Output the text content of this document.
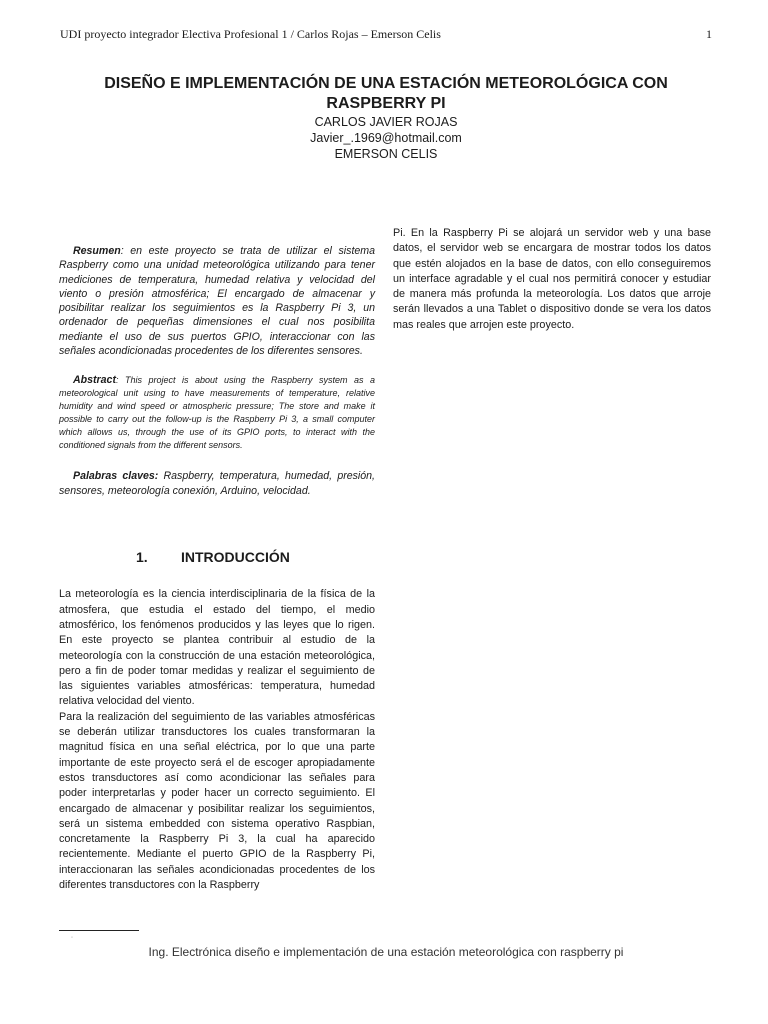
UDI proyecto integrador Electiva Profesional 1 / Carlos Rojas – Emerson Celis	1
DISEÑO E IMPLEMENTACIÓN DE UNA ESTACIÓN METEOROLÓGICA CON RASPBERRY PI

CARLOS JAVIER ROJAS

Javier_.1969@hotmail.com

EMERSON CELIS

Resumen: en este proyecto se trata de utilizar el sistema Raspberry como una unidad meteorológica utilizando para tener mediciones de temperatura, humedad relativa y velocidad del viento o presión atmosférica; El encargado de almacenar y posibilitar realizar los seguimientos es la Raspberry Pi 3, un ordenador de pequeñas dimensiones el cual nos posibilita mediante el uso de sus puertos GPIO, interaccionar con las señales acondicionadas procedentes de los diferentes sensores.

Abstract: This project is about using the Raspberry system as a meteorological unit using to have measurements of temperature, relative humidity and wind speed or atmospheric pressure; The store and make it possible to carry out the follow-up is the Raspberry Pi 3, a small computer which allows us, through the use of its GPIO ports, to interact with the conditioned signals from the different sensors.

Palabras claves: Raspberry, temperatura, humedad, presión, sensores, meteorología conexión, Arduino, velocidad.

1.	INTRODUCCIÓN

La meteorología es la ciencia interdisciplinaria de la física de la atmosfera, que estudia el estado del tiempo, el medio atmosférico, los fenómenos producidos y las leyes que lo rigen. En este proyecto se plantea contribuir al estudio de la meteorología con la construcción de una estación meteorológica, pero a fin de poder tomar medidas y realizar el seguimiento de las siguientes variables atmosféricas: temperatura, humedad relativa velocidad del viento.

Para la realización del seguimiento de las variables atmosféricas se deberán utilizar transductores los cuales transformaran la magnitud física en una señal eléctrica, por lo que una parte importante de este proyecto será el de escoger apropiadamente estos transductores así como acondicionar las señales para poder interpretarlas y poder hacer un correcto seguimiento. El encargado de almacenar y posibilitar realizar los seguimientos, será un sistema embedded con sistema operativo Raspbian, concretamente la Raspberry Pi 3, la cual ha aparecido recientemente. Mediante el puerto GPIO de la Raspberry Pi, interaccionaran las señales acondicionadas procedentes de los diferentes transductores con la Raspberry

Pi. En la Raspberry Pi se alojará un servidor web y una base datos, el servidor web se encargara de mostrar todos los datos que estén alojados en la base de datos, con ello conseguiremos un interface agradable y el cual nos permitirá conocer y estudiar de manera más profunda la meteorología. Los datos que arroje serán llevados a una Tablet o dispositivo donde se vera los datos mas reales que arrojen este proyecto.

◦
Ing. Electrónica diseño e implementación de una estación meteorológica con raspberry pi
